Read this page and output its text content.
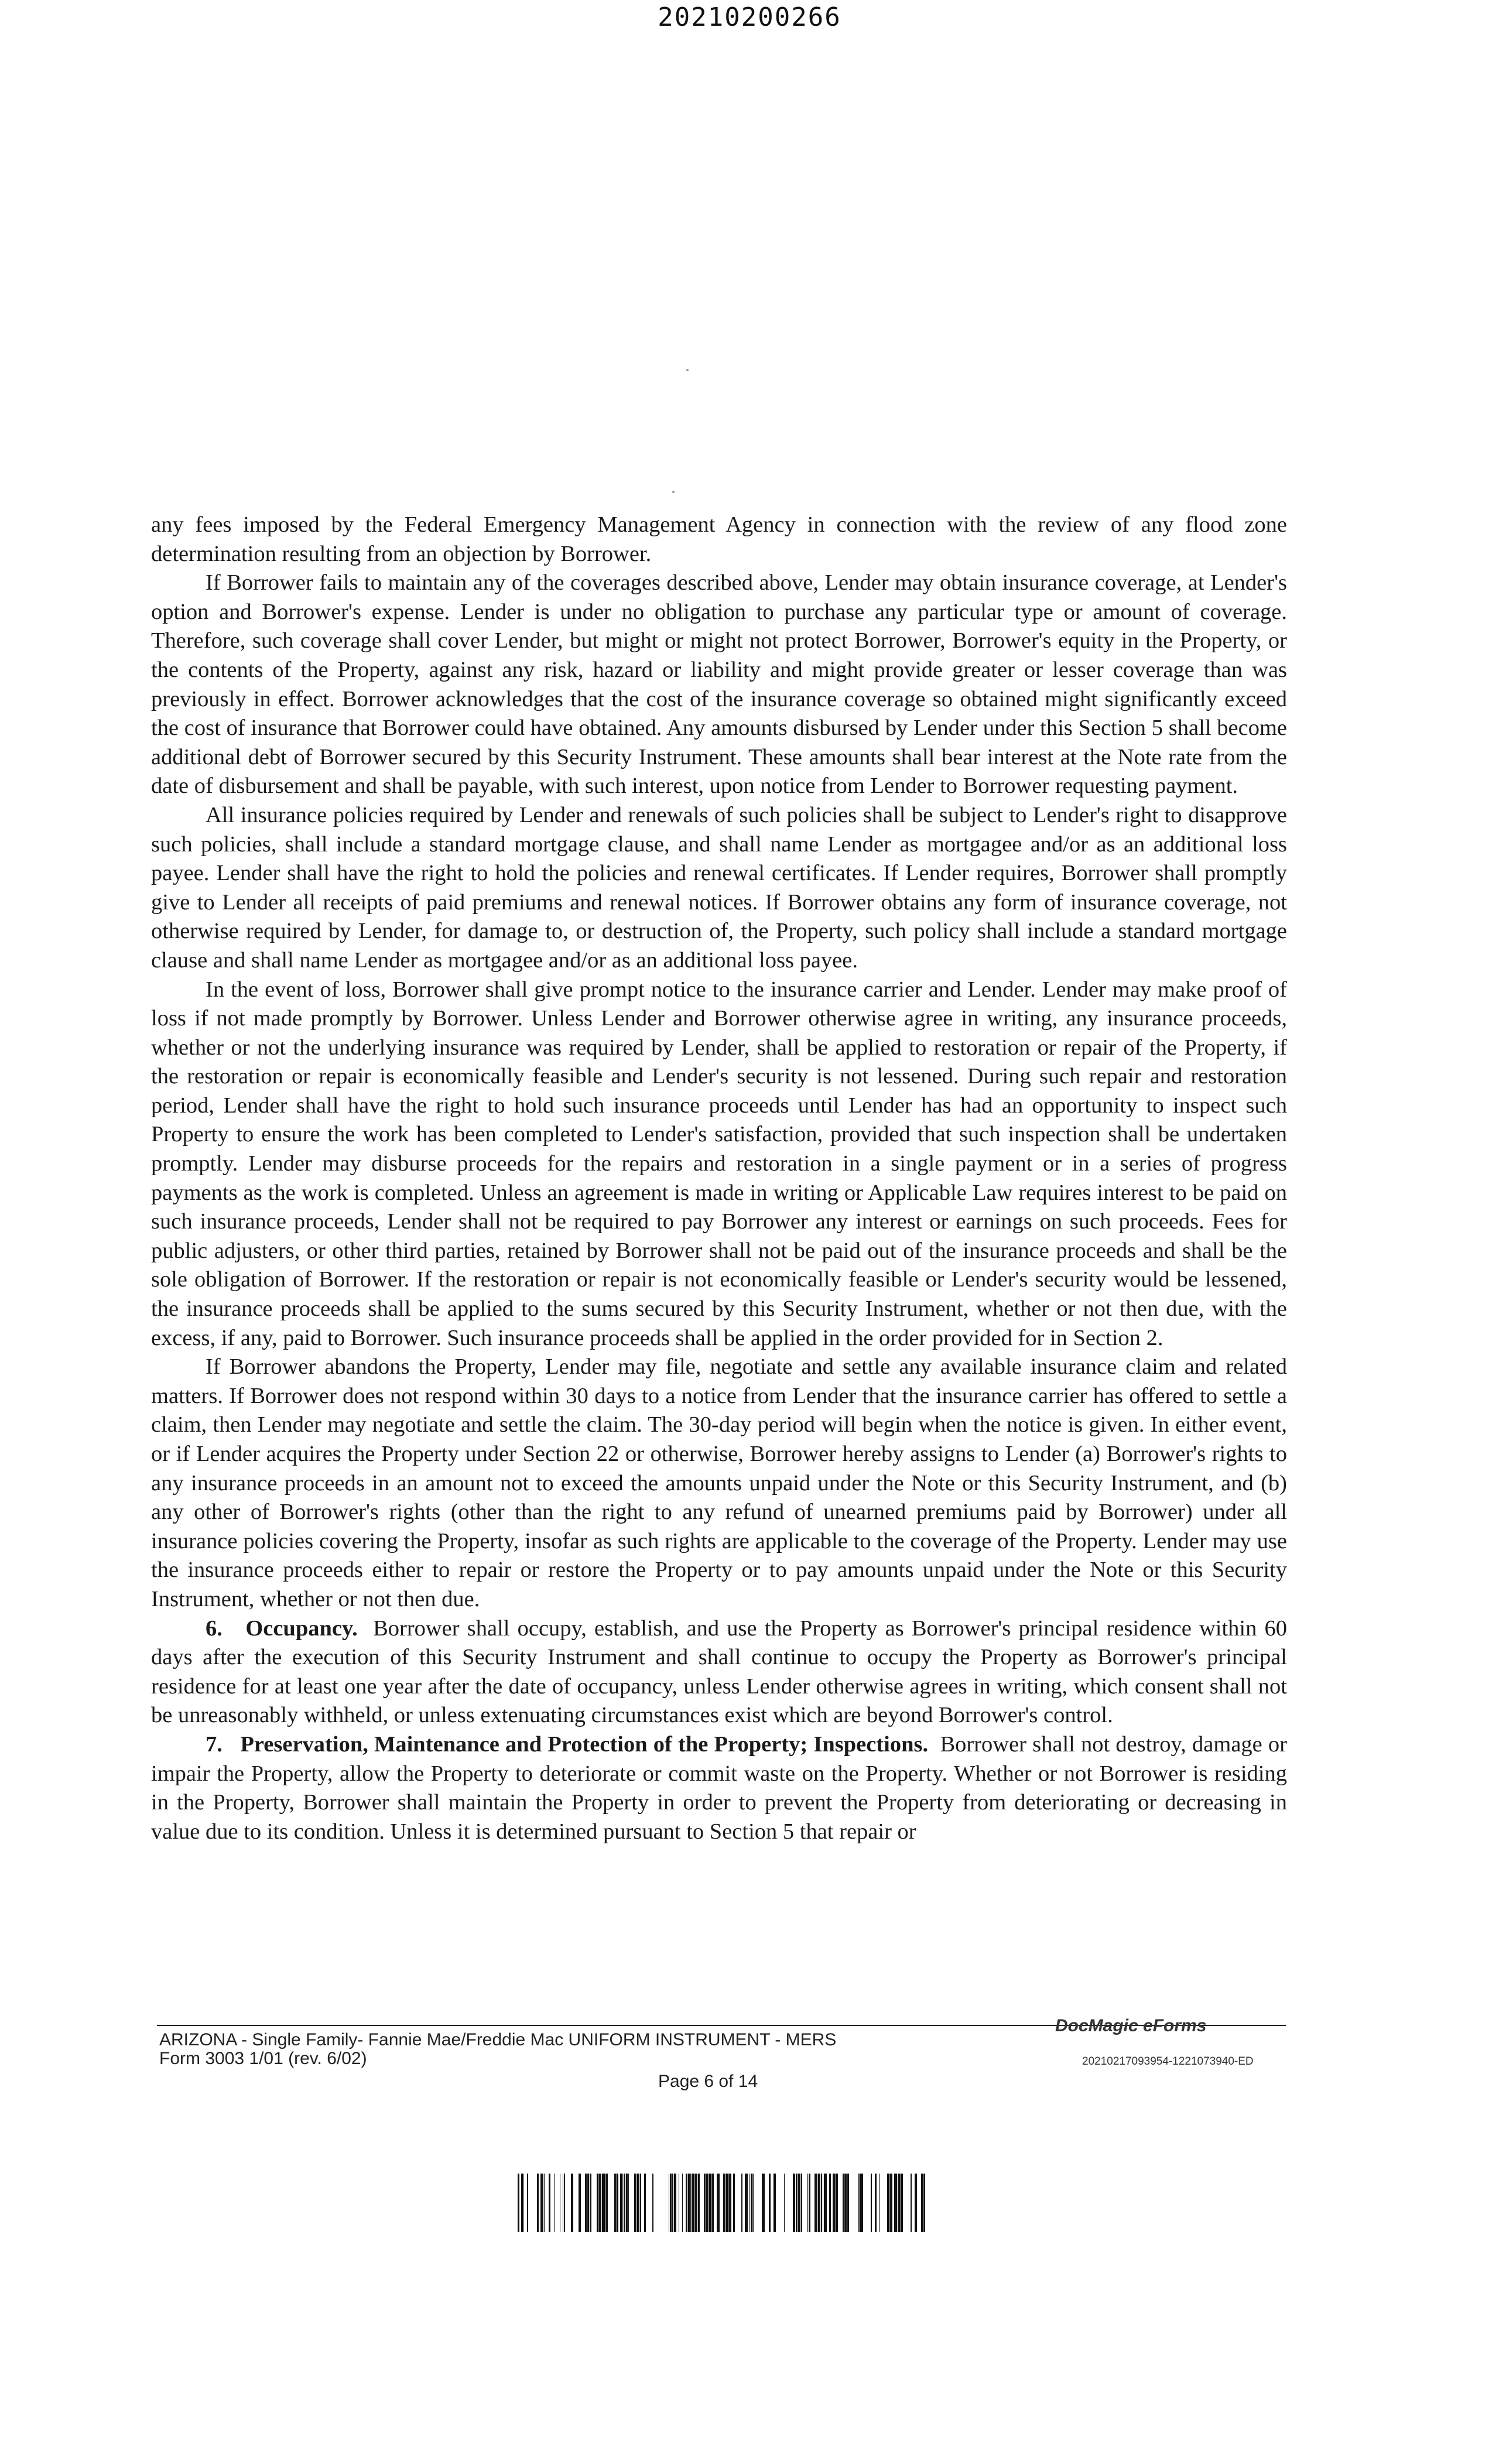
20210200266

any fees imposed by the Federal Emergency Management Agency in connection with the review of any flood zone determination resulting from an objection by Borrower.

If Borrower fails to maintain any of the coverages described above, Lender may obtain insurance coverage, at Lender's option and Borrower's expense. Lender is under no obligation to purchase any particular type or amount of coverage. Therefore, such coverage shall cover Lender, but might or might not protect Borrower, Borrower's equity in the Property, or the contents of the Property, against any risk, hazard or liability and might provide greater or lesser coverage than was previously in effect. Borrower acknowledges that the cost of the insurance coverage so obtained might significantly exceed the cost of insurance that Borrower could have obtained. Any amounts disbursed by Lender under this Section 5 shall become additional debt of Borrower secured by this Security Instrument. These amounts shall bear interest at the Note rate from the date of disbursement and shall be payable, with such interest, upon notice from Lender to Borrower requesting payment.

All insurance policies required by Lender and renewals of such policies shall be subject to Lender's right to disapprove such policies, shall include a standard mortgage clause, and shall name Lender as mortgagee and/or as an additional loss payee. Lender shall have the right to hold the policies and renewal certificates. If Lender requires, Borrower shall promptly give to Lender all receipts of paid premiums and renewal notices. If Borrower obtains any form of insurance coverage, not otherwise required by Lender, for damage to, or destruction of, the Property, such policy shall include a standard mortgage clause and shall name Lender as mortgagee and/or as an additional loss payee.

In the event of loss, Borrower shall give prompt notice to the insurance carrier and Lender. Lender may make proof of loss if not made promptly by Borrower. Unless Lender and Borrower otherwise agree in writing, any insurance proceeds, whether or not the underlying insurance was required by Lender, shall be applied to restoration or repair of the Property, if the restoration or repair is economically feasible and Lender's security is not lessened. During such repair and restoration period, Lender shall have the right to hold such insurance proceeds until Lender has had an opportunity to inspect such Property to ensure the work has been completed to Lender's satisfaction, provided that such inspection shall be undertaken promptly. Lender may disburse proceeds for the repairs and restoration in a single payment or in a series of progress payments as the work is completed. Unless an agreement is made in writing or Applicable Law requires interest to be paid on such insurance proceeds, Lender shall not be required to pay Borrower any interest or earnings on such proceeds. Fees for public adjusters, or other third parties, retained by Borrower shall not be paid out of the insurance proceeds and shall be the sole obligation of Borrower. If the restoration or repair is not economically feasible or Lender's security would be lessened, the insurance proceeds shall be applied to the sums secured by this Security Instrument, whether or not then due, with the excess, if any, paid to Borrower. Such insurance proceeds shall be applied in the order provided for in Section 2.

If Borrower abandons the Property, Lender may file, negotiate and settle any available insurance claim and related matters. If Borrower does not respond within 30 days to a notice from Lender that the insurance carrier has offered to settle a claim, then Lender may negotiate and settle the claim. The 30-day period will begin when the notice is given. In either event, or if Lender acquires the Property under Section 22 or otherwise, Borrower hereby assigns to Lender (a) Borrower's rights to any insurance proceeds in an amount not to exceed the amounts unpaid under the Note or this Security Instrument, and (b) any other of Borrower's rights (other than the right to any refund of unearned premiums paid by Borrower) under all insurance policies covering the Property, insofar as such rights are applicable to the coverage of the Property. Lender may use the insurance proceeds either to repair or restore the Property or to pay amounts unpaid under the Note or this Security Instrument, whether or not then due.

6. Occupancy. Borrower shall occupy, establish, and use the Property as Borrower's principal residence within 60 days after the execution of this Security Instrument and shall continue to occupy the Property as Borrower's principal residence for at least one year after the date of occupancy, unless Lender otherwise agrees in writing, which consent shall not be unreasonably withheld, or unless extenuating circumstances exist which are beyond Borrower's control.

7. Preservation, Maintenance and Protection of the Property; Inspections. Borrower shall not destroy, damage or impair the Property, allow the Property to deteriorate or commit waste on the Property. Whether or not Borrower is residing in the Property, Borrower shall maintain the Property in order to prevent the Property from deteriorating or decreasing in value due to its condition. Unless it is determined pursuant to Section 5 that repair or

ARIZONA - Single Family- Fannie Mae/Freddie Mac UNIFORM INSTRUMENT - MERS
Form 3003 1/01 (rev. 6/02)
DocMagic eForms
20210217093954-1221073940-ED
Page 6 of 14
